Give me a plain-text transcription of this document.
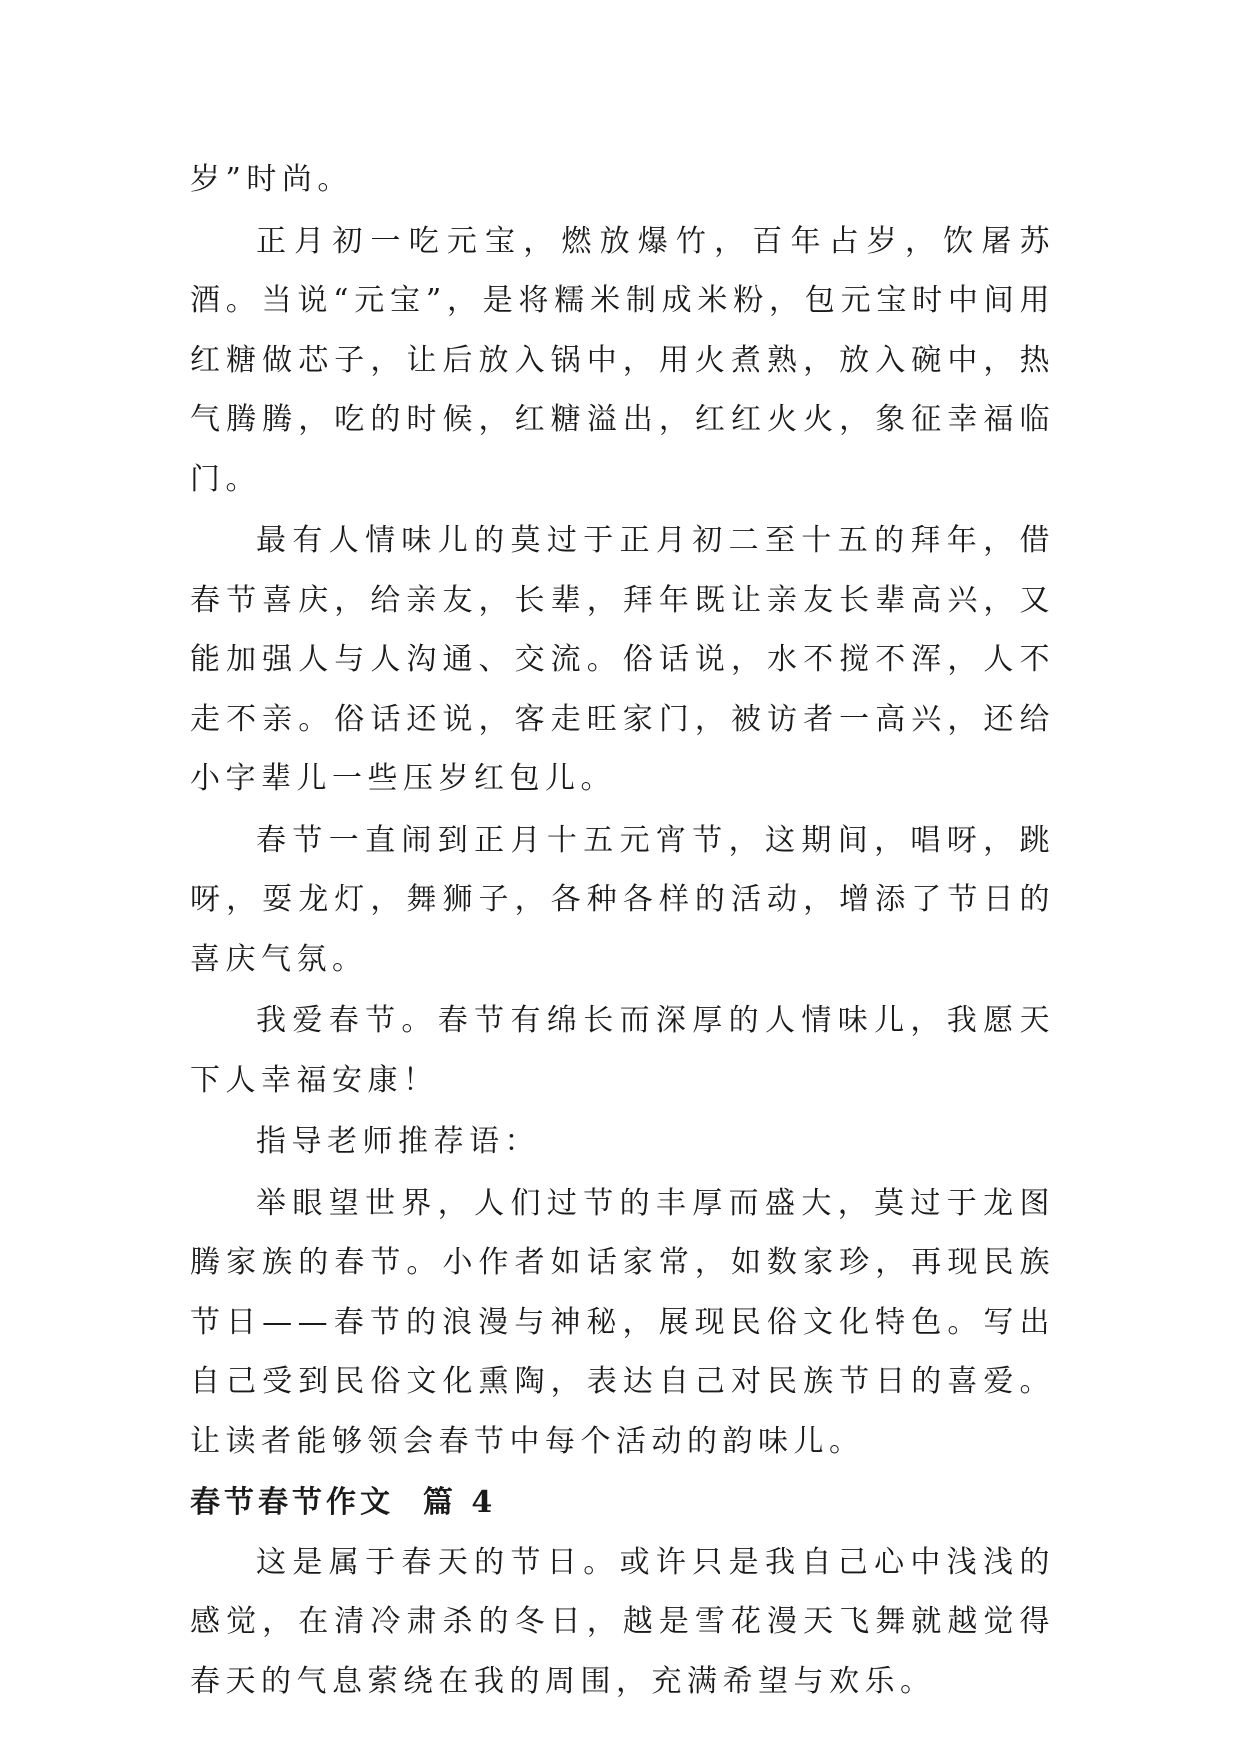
岁”时尚。

正月初一吃元宝，燃放爆竹，百年占岁，饮屠苏酒。当说“元宝”，是将糯米制成米粉，包元宝时中间用红糖做芯子，让后放入锅中，用火煮熟，放入碗中，热气腾腾，吃的时候，红糖溢出，红红火火，象征幸福临门。

最有人情味儿的莫过于正月初二至十五的拜年，借春节喜庆，给亲友，长辈，拜年既让亲友长辈高兴，又能加强人与人沟通、交流。俗话说，水不搅不浑，人不走不亲。俗话还说，客走旺家门，被访者一高兴，还给小字辈儿一些压岁红包儿。

春节一直闹到正月十五元宵节，这期间，唱呀，跳呀，耍龙灯，舞狮子，各种各样的活动，增添了节日的喜庆气氛。

我爱春节。春节有绵长而深厚的人情味儿，我愿天下人幸福安康！

指导老师推荐语：

举眼望世界，人们过节的丰厚而盛大，莫过于龙图腾家族的春节。小作者如话家常，如数家珍，再现民族节日——春节的浪漫与神秘，展现民俗文化特色。写出自己受到民俗文化熏陶，表达自己对民族节日的喜爱。让读者能够领会春节中每个活动的韵味儿。

春节春节作文  篇 4

这是属于春天的节日。或许只是我自己心中浅浅的感觉，在清冷肃杀的冬日，越是雪花漫天飞舞就越觉得春天的气息萦绕在我的周围，充满希望与欢乐。
